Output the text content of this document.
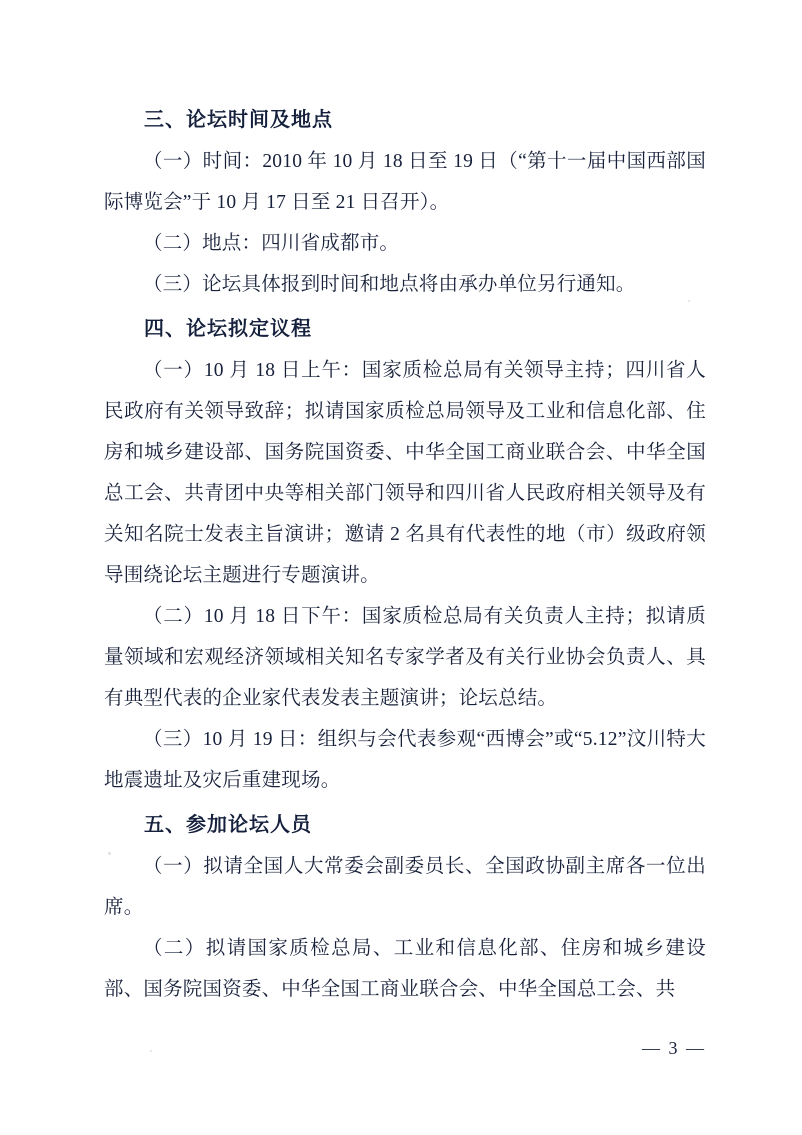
三、论坛时间及地点

（一）时间：2010 年 10 月 18 日至 19 日（“第十一届中国西部国际博览会”于 10 月 17 日至 21 日召开）。

（二）地点：四川省成都市。

（三）论坛具体报到时间和地点将由承办单位另行通知。

四、论坛拟定议程

（一）10 月 18 日上午：国家质检总局有关领导主持；四川省人民政府有关领导致辞；拟请国家质检总局领导及工业和信息化部、住房和城乡建设部、国务院国资委、中华全国工商业联合会、中华全国总工会、共青团中央等相关部门领导和四川省人民政府相关领导及有关知名院士发表主旨演讲；邀请 2 名具有代表性的地（市）级政府领导围绕论坛主题进行专题演讲。

（二）10 月 18 日下午：国家质检总局有关负责人主持；拟请质量领域和宏观经济领域相关知名专家学者及有关行业协会负责人、具有典型代表的企业家代表发表主题演讲；论坛总结。

（三）10 月 19 日：组织与会代表参观“西博会”或“5.12”汶川特大地震遗址及灾后重建现场。

五、参加论坛人员

（一）拟请全国人大常委会副委员长、全国政协副主席各一位出席。

（二）拟请国家质检总局、工业和信息化部、住房和城乡建设部、国务院国资委、中华全国工商业联合会、中华全国总工会、共

— 3 —
